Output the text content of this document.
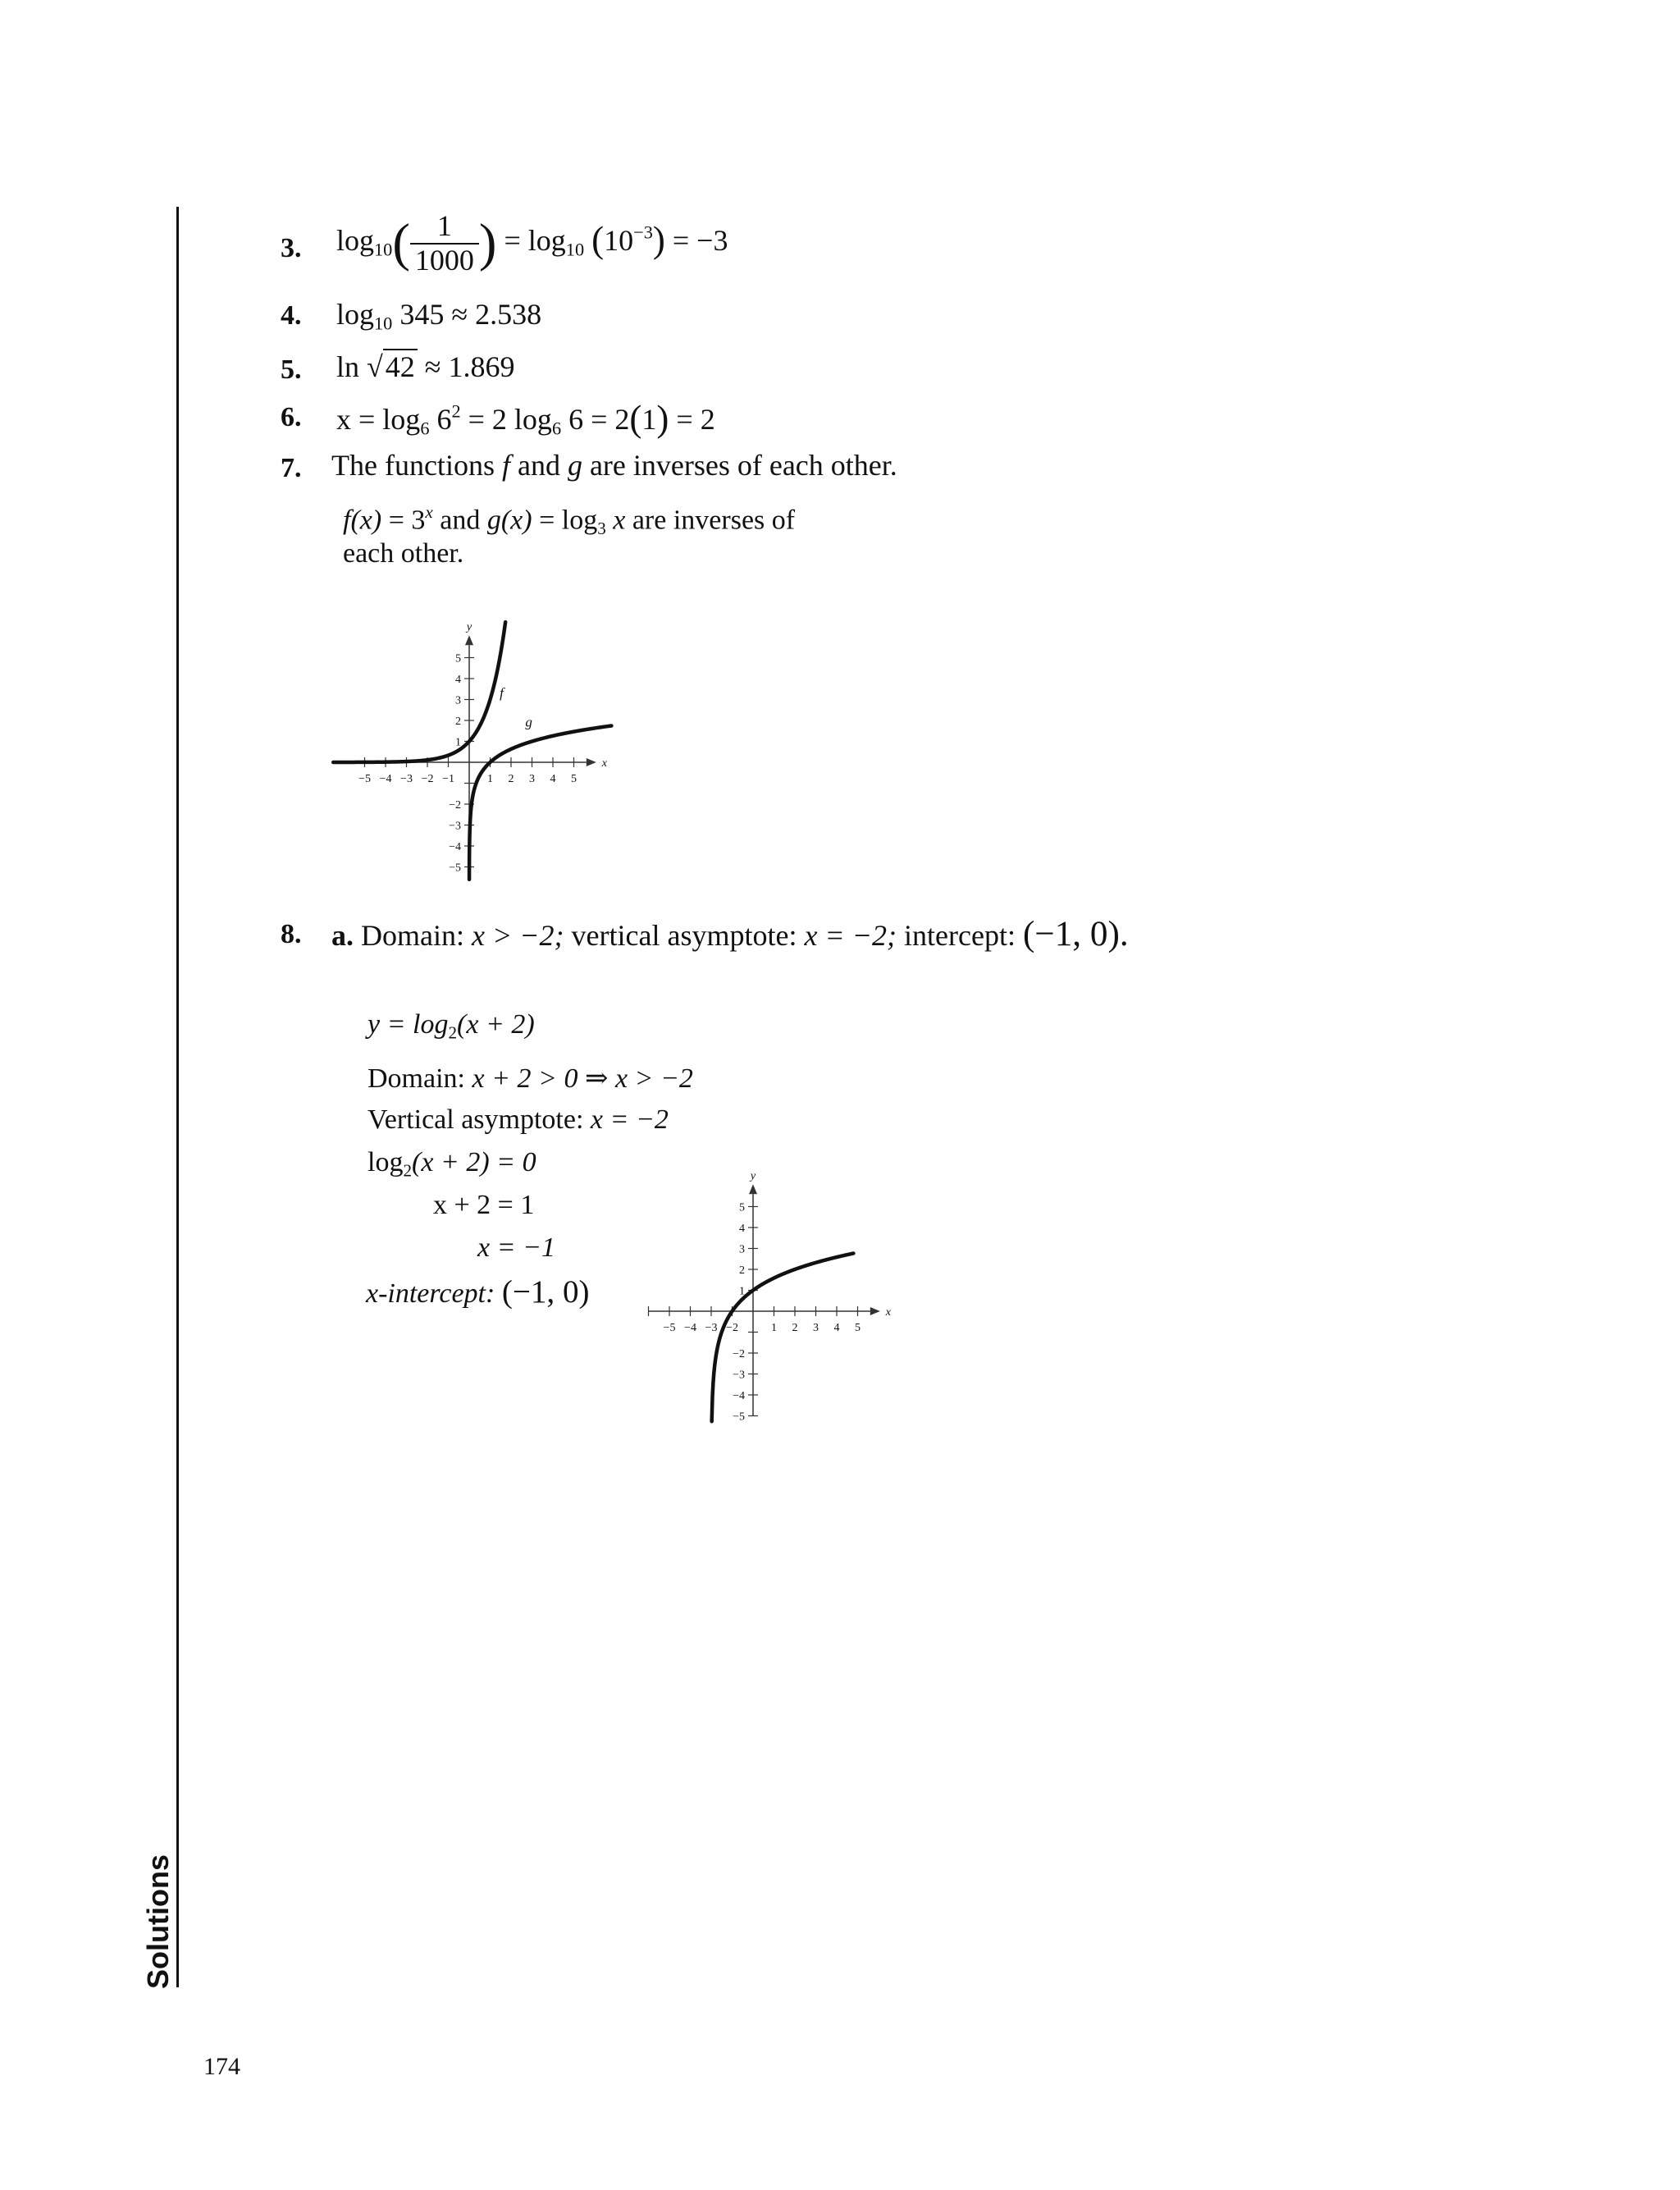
Solutions
174
3. $\log_{10}( \frac{1}{1000}$ ) = $\log_{10} (10^{-3}) = -3$
4. $\log_{10} 345 \approx 2.538$
5. ln √42 ≈ 1.869
6. $x = \log_6 6^2 = 2$ $\log_6 6 = 2(1) = 2$
7. The functions f and g are inverses of each other.
$f(x) = 3^x$ and $g(x) = \log_3 x$ are inverses of
each other.
x
y
−5 −4 −3 −2 −1	1 2 3 4 5
5
4
3
2
1
−2
−3
−4
−5
f
g
8. a. Domain: x > −2; vertical asymptote: x = −2; intercept: (−1, 0).
$y = \log_2(x + 2)$
Domain: x + 2 > 0 ⇒ x > −2
Vertical asymptote: x = −2
$\log_2(x + 2) = 0$
x + 2 = 1
x = −1
x-intercept: (−1, 0)
x
y
−5 −4 −3 −2	1 2 3 4 5
5
4
3
2
1
−2
−3
−4
−5
